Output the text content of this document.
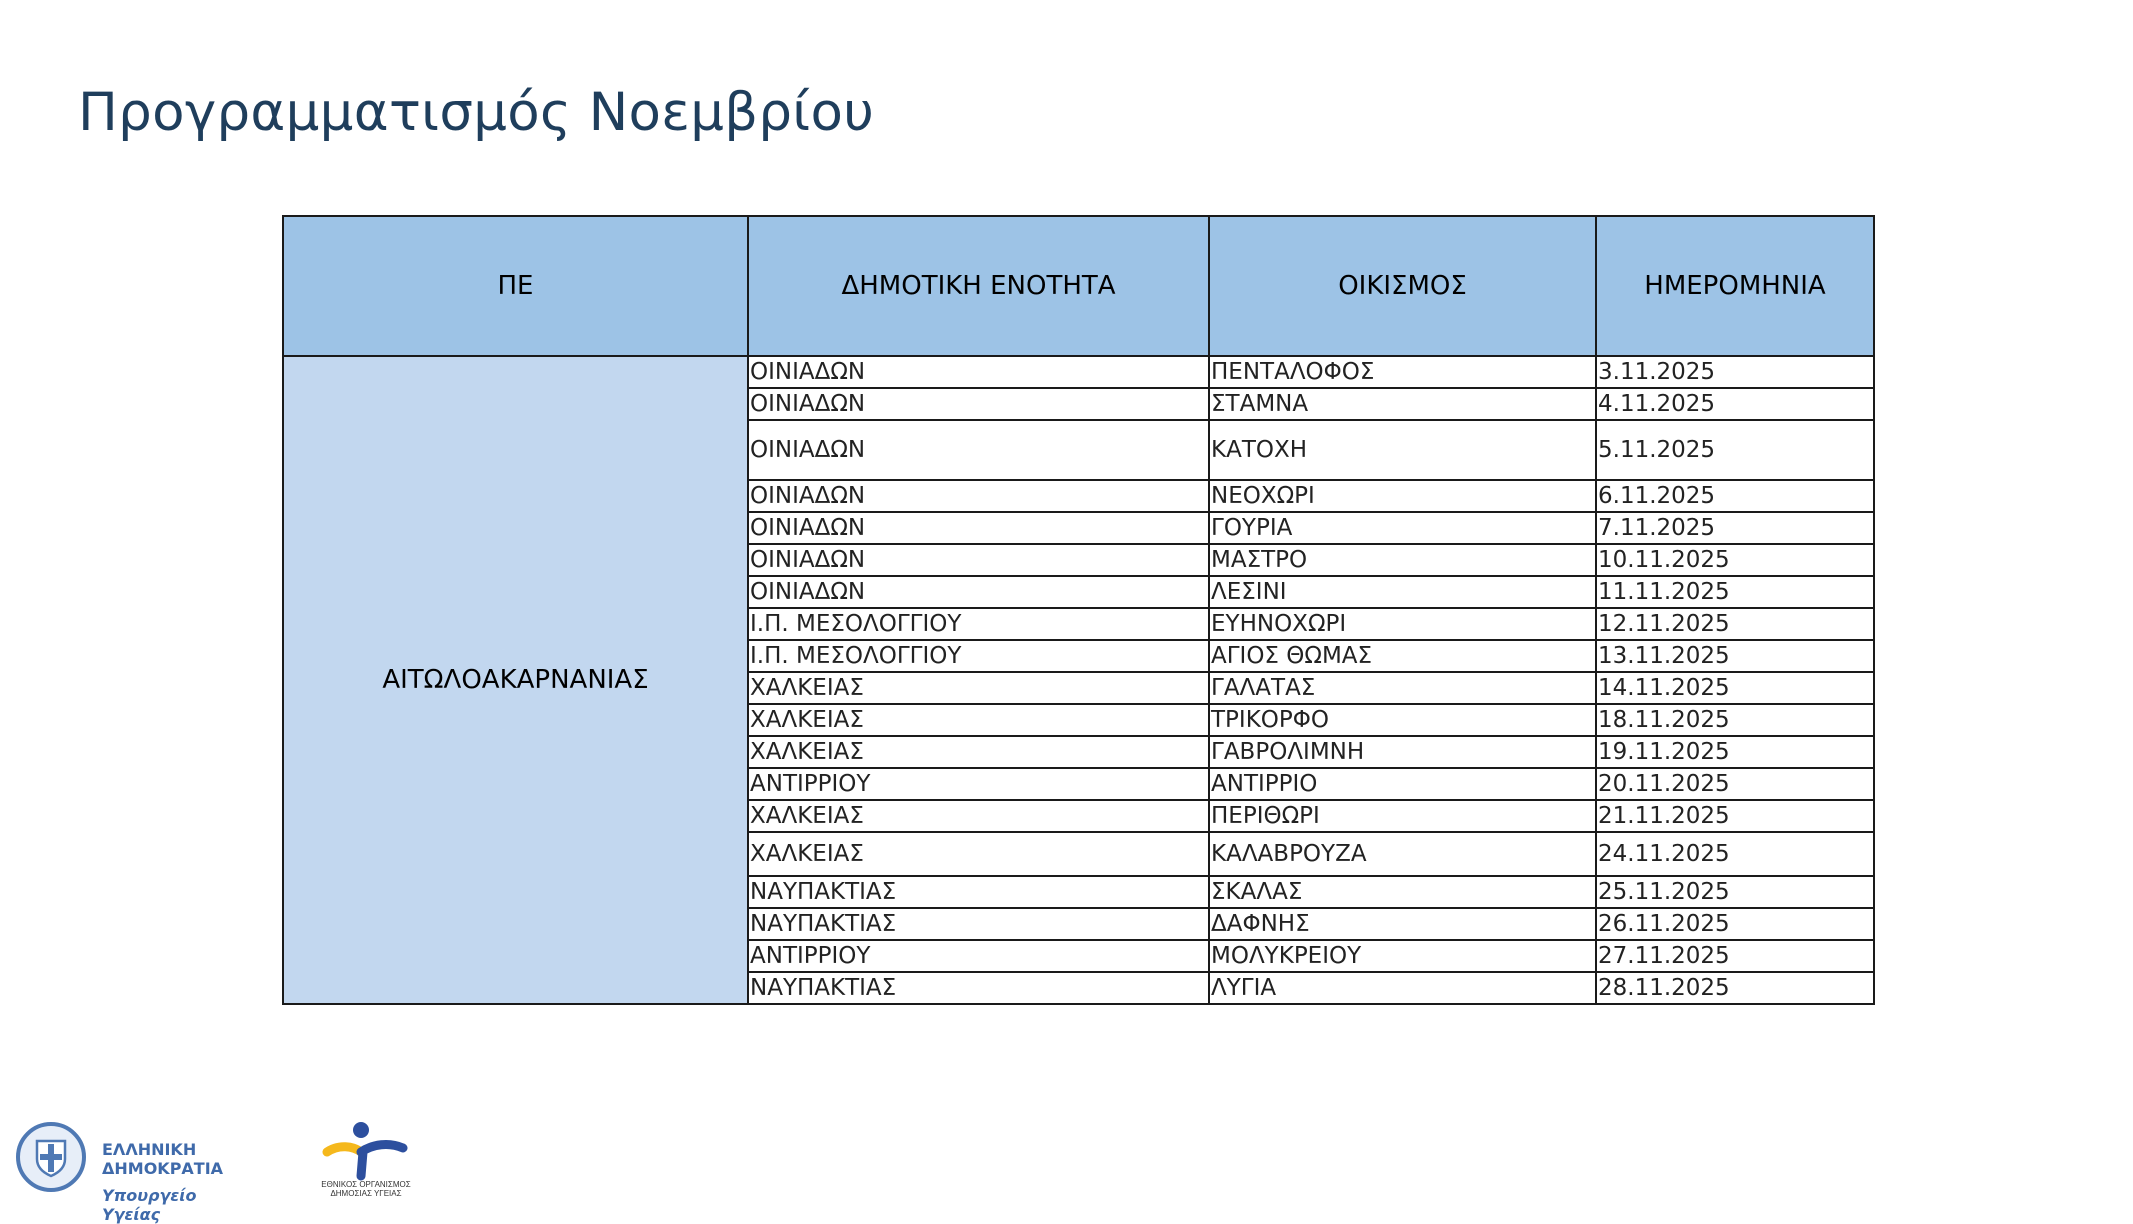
Προγραμματισμός Νοεμβρίου
ΠΕ	ΔΗΜΟΤΙΚΗ ΕΝΟΤΗΤΑ	ΟΙΚΙΣΜΟΣ	ΗΜΕΡΟΜΗΝΙΑ
ΑΙΤΩΛΟΑΚΑΡΝΑΝΙΑΣ	ΟΙΝΙΑΔΩΝ	ΠΕΝΤΑΛΟΦΟΣ	3.11.2025
	ΟΙΝΙΑΔΩΝ	ΣΤΑΜΝΑ	4.11.2025
	ΟΙΝΙΑΔΩΝ	ΚΑΤΟΧΗ	5.11.2025
	ΟΙΝΙΑΔΩΝ	ΝΕΟΧΩΡΙ	6.11.2025
	ΟΙΝΙΑΔΩΝ	ΓΟΥΡΙΑ	7.11.2025
	ΟΙΝΙΑΔΩΝ	ΜΑΣΤΡΟ	10.11.2025
	ΟΙΝΙΑΔΩΝ	ΛΕΣΙΝΙ	11.11.2025
	Ι.Π. ΜΕΣΟΛΟΓΓΙΟΥ	ΕΥΗΝΟΧΩΡΙ	12.11.2025
	Ι.Π. ΜΕΣΟΛΟΓΓΙΟΥ	ΑΓΙΟΣ ΘΩΜΑΣ	13.11.2025
	ΧΑΛΚΕΙΑΣ	ΓΑΛΑΤΑΣ	14.11.2025
	ΧΑΛΚΕΙΑΣ	ΤΡΙΚΟΡΦΟ	18.11.2025
	ΧΑΛΚΕΙΑΣ	ΓΑΒΡΟΛΙΜΝΗ	19.11.2025
	ΑΝΤΙΡΡΙΟΥ	ΑΝΤΙΡΡΙΟ	20.11.2025
	ΧΑΛΚΕΙΑΣ	ΠΕΡΙΘΩΡΙ	21.11.2025
	ΧΑΛΚΕΙΑΣ	ΚΑΛΑΒΡΟΥΖΑ	24.11.2025
	ΝΑΥΠΑΚΤΙΑΣ	ΣΚΑΛΑΣ	25.11.2025
	ΝΑΥΠΑΚΤΙΑΣ	ΔΑΦΝΗΣ	26.11.2025
	ΑΝΤΙΡΡΙΟΥ	ΜΟΛΥΚΡΕΙΟΥ	27.11.2025
	ΝΑΥΠΑΚΤΙΑΣ	ΛΥΓΙΑ	28.11.2025
ΕΛΛΗΝΙΚΗ ΔΗΜΟΚΡΑΤΙΑ
Υπουργείο Υγείας
ΕΘΝΙΚΟΣ ΟΡΓΑΝΙΣΜΟΣ ΔΗΜΟΣΙΑΣ ΥΓΕΙΑΣ
